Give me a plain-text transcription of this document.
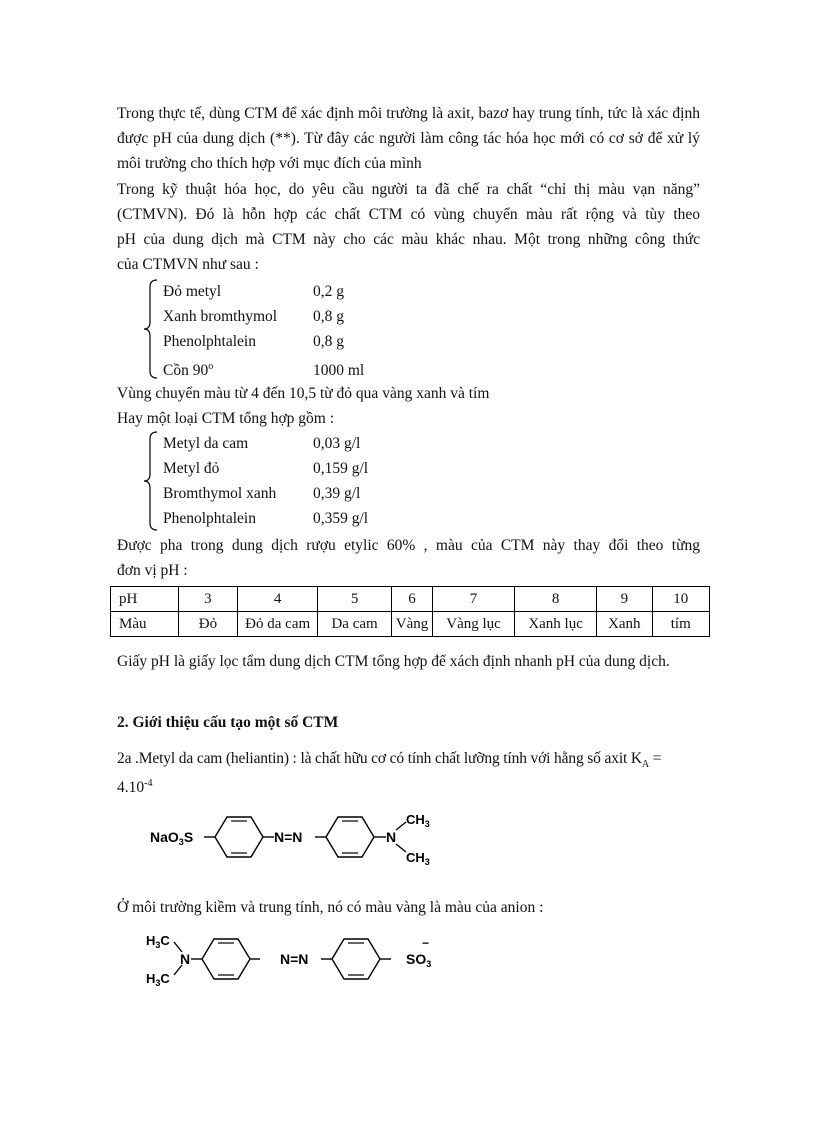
Trong thực tế, dùng CTM để xác định môi trường là axit, bazơ hay trung tính, tức là xác định được pH của dung dịch (**). Từ đây các người làm công tác hóa học mới có cơ sở để xử lý môi trường cho thích hợp với mục đích của mình
Trong kỹ thuật hóa học, do yêu cầu người ta đã chế ra chất “chỉ thị màu vạn năng”
(CTMVN). Đó là hỗn hợp các chất CTM có vùng chuyển màu rất rộng và tùy theo
pH của dung dịch mà CTM này cho các màu khác nhau. Một trong những công thức
của CTMVN như sau :
Đỏ metyl	0,2 g
Xanh bromthymol 0,8 g
Phenolphtalein	0,8 g
Cồn 90$^o$	1000 ml
Vùng chuyển màu từ 4 đến 10,5 từ đỏ qua vàng xanh và tím
Hay một loại CTM tổng hợp gồm :
Metyl da cam	0,03 g/l
Metyl đỏ	0,159 g/l
Bromthymol xanh 0,39 g/l
Phenolphtalein	0,359 g/l
Được pha trong dung dịch rượu etylic 60% , màu của CTM này thay đổi theo từng
đơn vị pH :
pH	3	4	5	6	7	8	9	10
Màu	Đỏ	Đỏ da cam	Da cam	Vàng	Vàng lục	Xanh lục	Xanh	tím
Giấy pH là giấy lọc tẩm dung dịch CTM tổng hợp để xách định nhanh pH của dung dịch.
2. Giới thiệu cấu tạo một số CTM
2a .Metyl da cam (heliantin) : là chất hữu cơ có tính chất lưỡng tính với hằng số axit $K_A$ =
$4.10^{-4}$
NaO$_3$S	N=N	N
$CH_3$
$CH_3$
Ở môi trường kiềm và trung tính, nó có màu vàng là màu của anion :
$H_3C$
$H_3C$
N	N=N	$SO_3$
−
